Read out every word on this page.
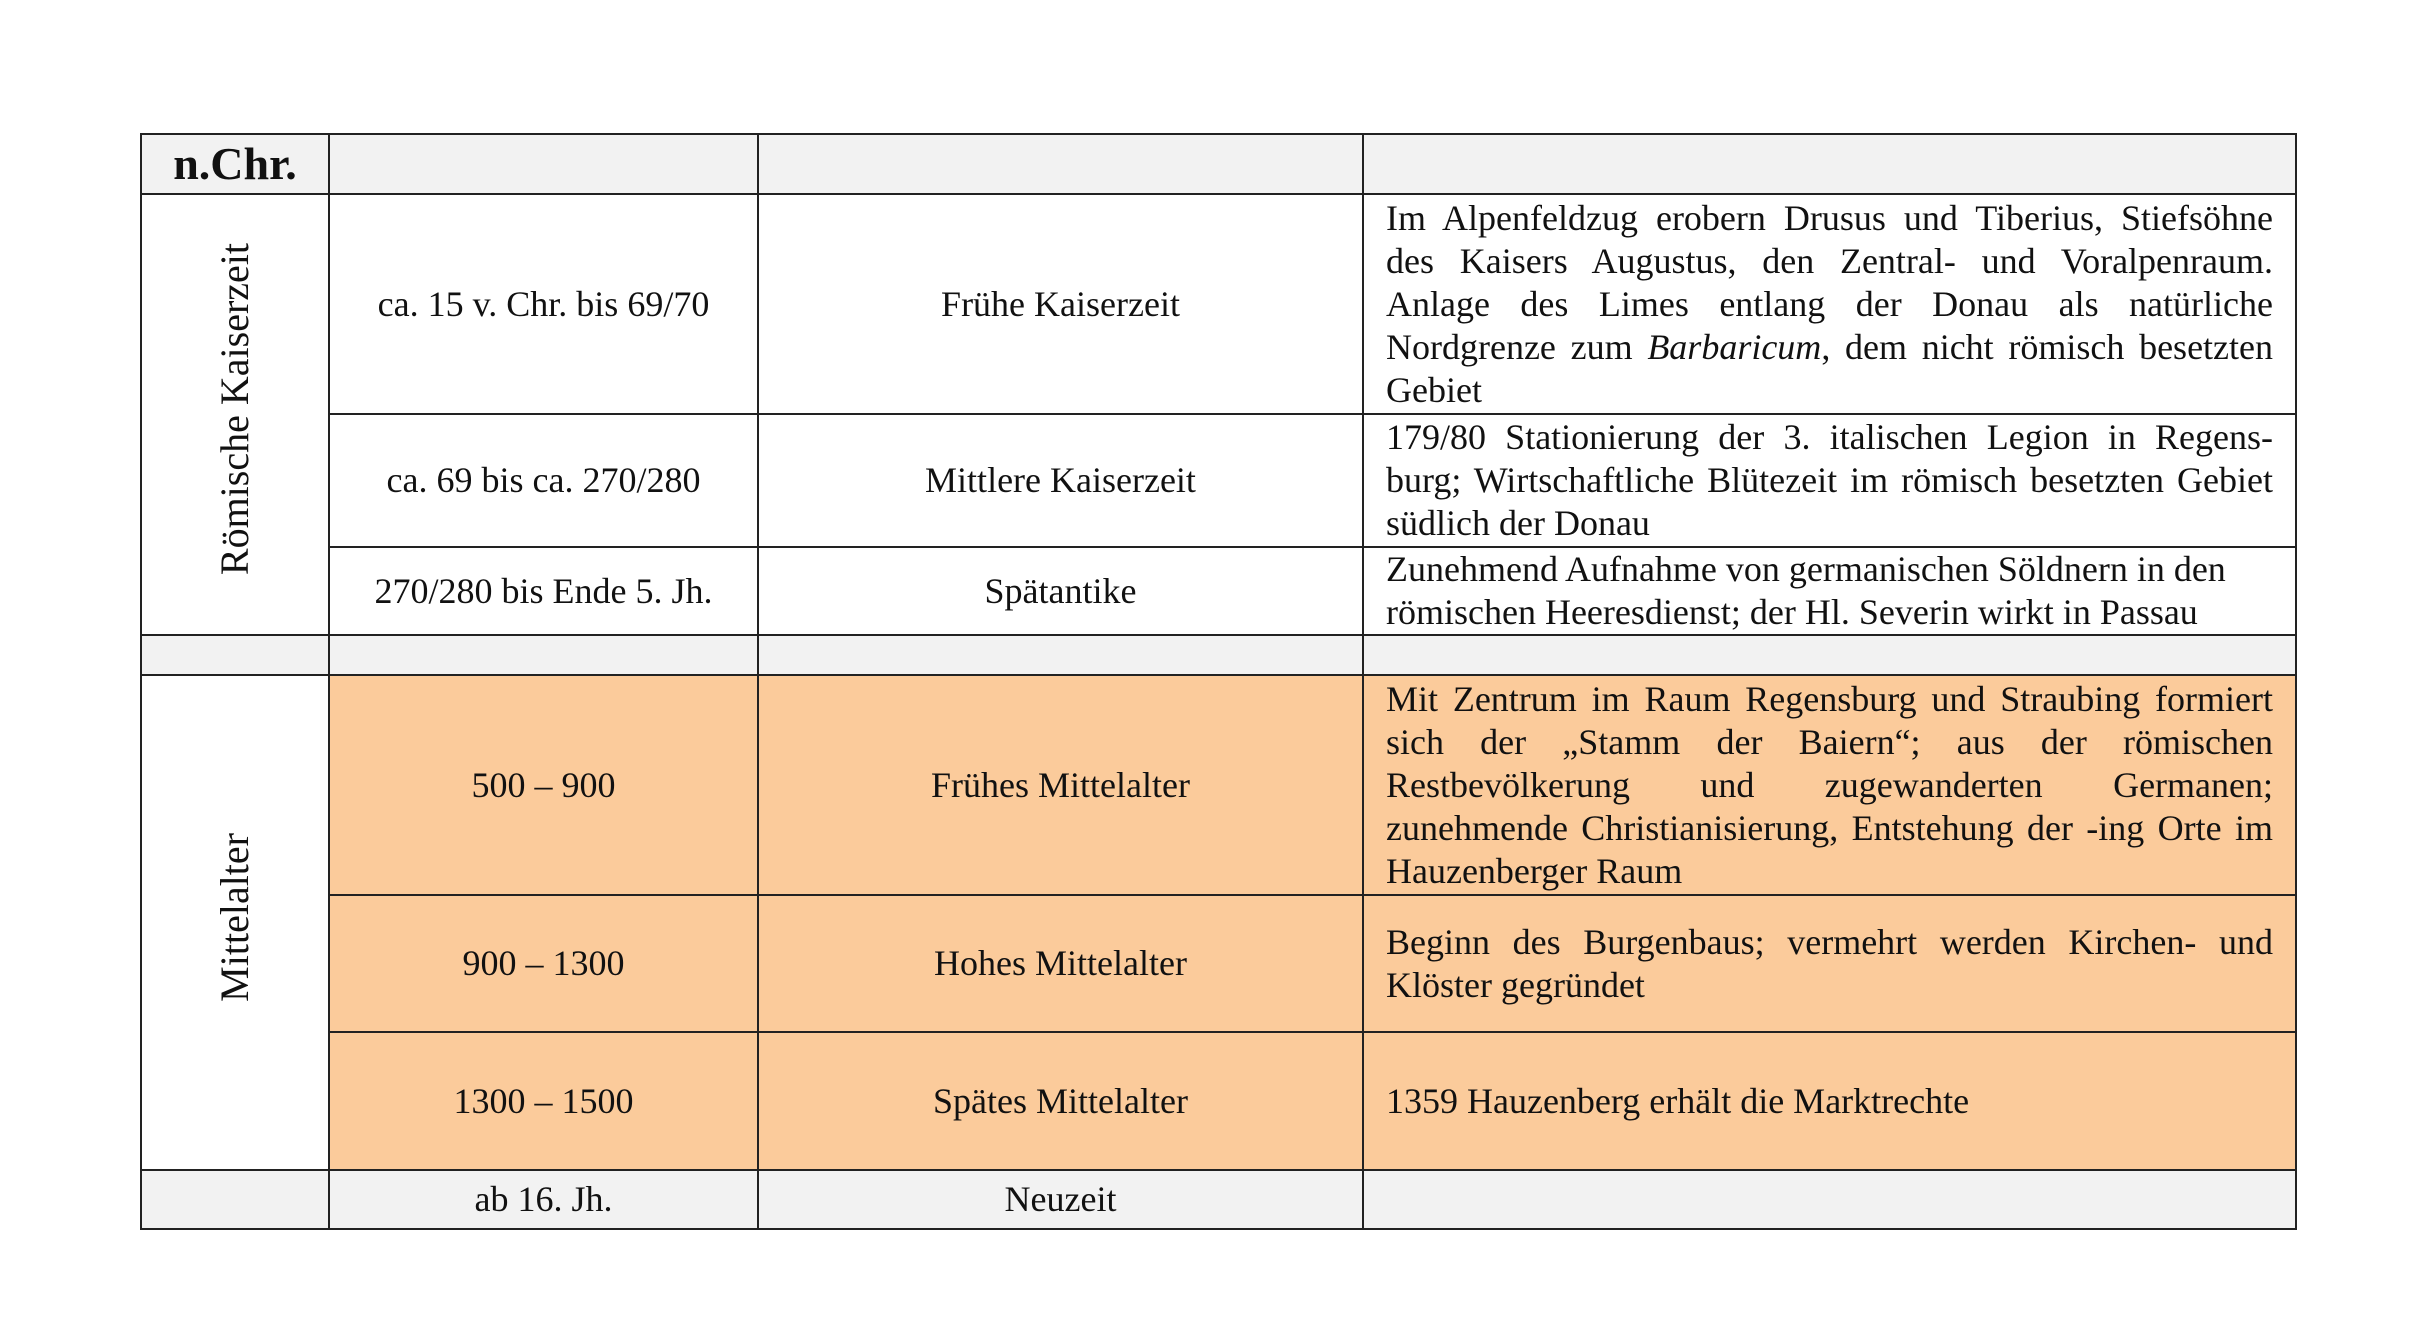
n.Chr.			

Römische Kaiserzeit	ca. 15 v. Chr. bis 69/70	Frühe Kaiserzeit	Im Alpenfeldzug erobern Drusus und Tiberius, Stiefsöhne des Kaisers Augustus, den Zentral- und Voralpenraum. Anlage des Limes entlang der Donau als natürliche Nordgrenze zum Barbaricum, dem nicht römisch besetzten Gebiet

	ca. 69 bis ca. 270/280	Mittlere Kaiserzeit	179/80 Stationierung der 3. italischen Legion in Regens-burg; Wirtschaftliche Blütezeit im römisch besetzten Gebiet südlich der Donau

	270/280 bis Ende 5. Jh.	Spätantike	Zunehmend Aufnahme von germanischen Söldnern in den römischen Heeresdienst; der Hl. Severin wirkt in Passau

Mittelalter	500 – 900	Frühes Mittelalter	Mit Zentrum im Raum Regensburg und Straubing formiert sich der „Stamm der Baiern“; aus der römischen Restbevölkerung und zugewanderten Germanen; zunehmende Christianisierung, Entstehung der -ing Orte im Hauzenberger Raum

	900 – 1300	Hohes Mittelalter	Beginn des Burgenbaus; vermehrt werden Kirchen- und Klöster gegründet

	1300 – 1500	Spätes Mittelalter	1359 Hauzenberg erhält die Marktrechte

	ab 16. Jh.	Neuzeit	
